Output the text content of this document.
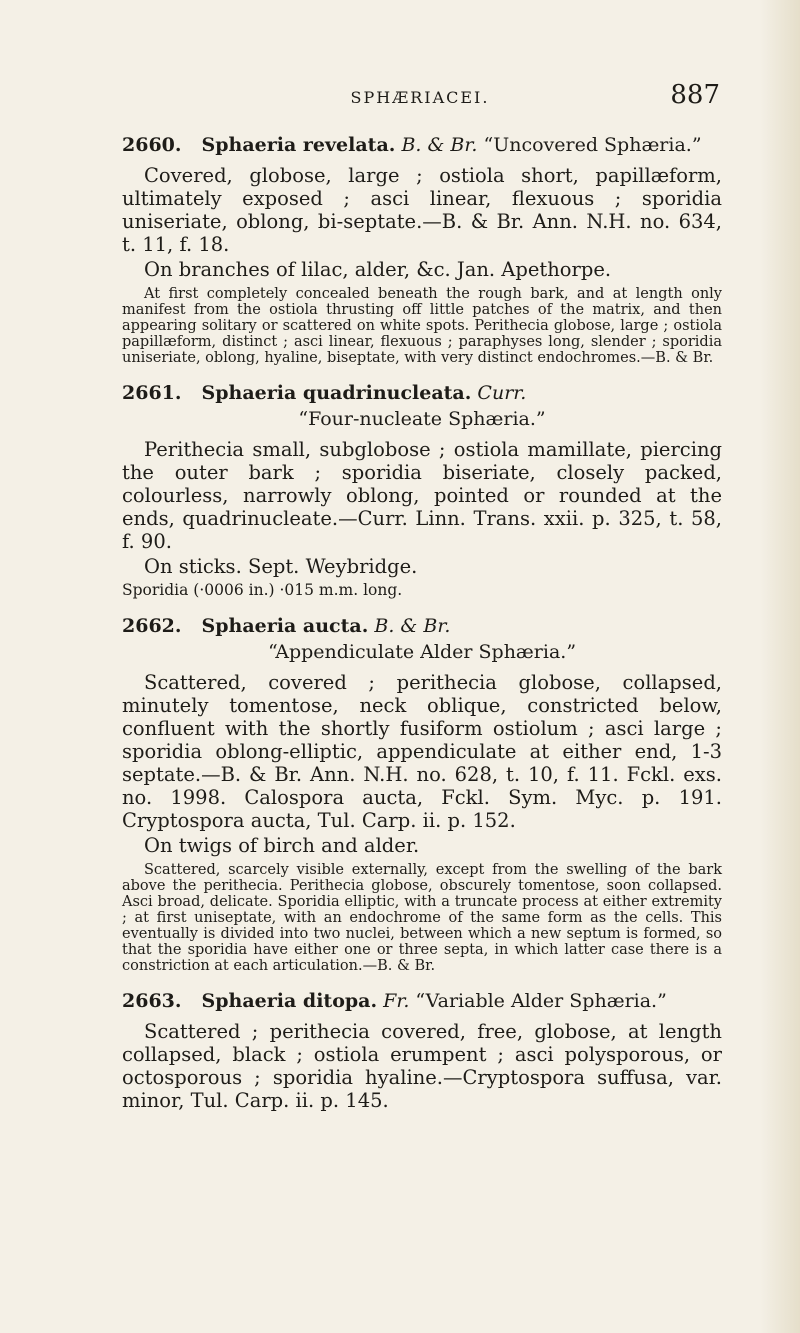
SPHÆRIACEI.	887

2660. Sphaeria revelata. B. & Br. “Uncovered Sphæria.”

Covered, globose, large ; ostiola short, papillæform, ultimately exposed ; asci linear, flexuous ; sporidia uniseriate, oblong, bi-septate.—B. & Br. Ann. N.H. no. 634, t. 11, f. 18.

On branches of lilac, alder, &c. Jan. Apethorpe.

At first completely concealed beneath the rough bark, and at length only manifest from the ostiola thrusting off little patches of the matrix, and then appearing solitary or scattered on white spots. Perithecia globose, large ; ostiola papillæform, distinct ; asci linear, flexuous ; paraphyses long, slender ; sporidia uniseriate, oblong, hyaline, biseptate, with very distinct endochromes.—B. & Br.

2661. Sphaeria quadrinucleata. Curr.
“Four-nucleate Sphæria.”

Perithecia small, subglobose ; ostiola mamillate, piercing the outer bark ; sporidia biseriate, closely packed, colourless, narrowly oblong, pointed or rounded at the ends, quadrinucleate.—Curr. Linn. Trans. xxii. p. 325, t. 58, f. 90.

On sticks. Sept. Weybridge.

Sporidia (·0006 in.) ·015 m.m. long.

2662. Sphaeria aucta. B. & Br.
“Appendiculate Alder Sphæria.”

Scattered, covered ; perithecia globose, collapsed, minutely tomentose, neck oblique, constricted below, confluent with the shortly fusiform ostiolum ; asci large ; sporidia oblong-elliptic, appendiculate at either end, 1-3 septate.—B. & Br. Ann. N.H. no. 628, t. 10, f. 11. Fckl. exs. no. 1998. Calospora aucta, Fckl. Sym. Myc. p. 191. Cryptospora aucta, Tul. Carp. ii. p. 152.

On twigs of birch and alder.

Scattered, scarcely visible externally, except from the swelling of the bark above the perithecia. Perithecia globose, obscurely tomentose, soon collapsed. Asci broad, delicate. Sporidia elliptic, with a truncate process at either extremity ; at first uniseptate, with an endochrome of the same form as the cells. This eventually is divided into two nuclei, between which a new septum is formed, so that the sporidia have either one or three septa, in which latter case there is a constriction at each articulation.—B. & Br.

2663. Sphaeria ditopa. Fr. “Variable Alder Sphæria.”

Scattered ; perithecia covered, free, globose, at length collapsed, black ; ostiola erumpent ; asci polysporous, or octosporous ; sporidia hyaline.—Cryptospora suffusa, var. minor, Tul. Carp. ii. p. 145.
